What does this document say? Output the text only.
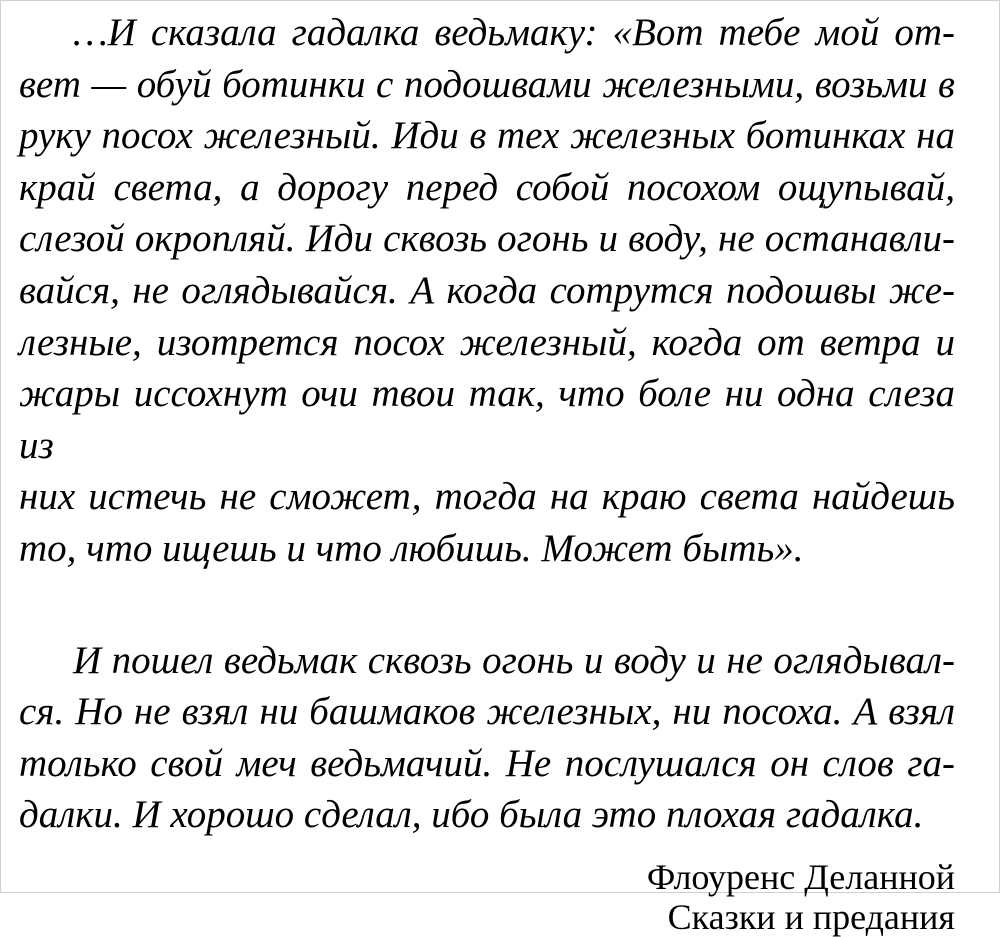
…И сказала гадалка ведьмаку: «Вот тебе мой от-
вет — обуй ботинки с подошвами железными, возьми в
руку посох железный. Иди в тех железных ботинках на
край света, а дорогу перед собой посохом ощупывай,
слезой окропляй. Иди сквозь огонь и воду, не останавли-
вайся, не оглядывайся. А когда сотрутся подошвы же-
лезные, изотрется посох железный, когда от ветра и
жары иссохнут очи твои так, что боле ни одна слеза из
них истечь не сможет, тогда на краю света найдешь
то, что ищешь и что любишь. Может быть».
И пошел ведьмак сквозь огонь и воду и не оглядывал-
ся. Но не взял ни башмаков железных, ни посоха. А взял
только свой меч ведьмачий. Не послушался он слов га-
далки. И хорошо сделал, ибо была это плохая гадалка.
Флоуренс Деланной
Сказки и предания
